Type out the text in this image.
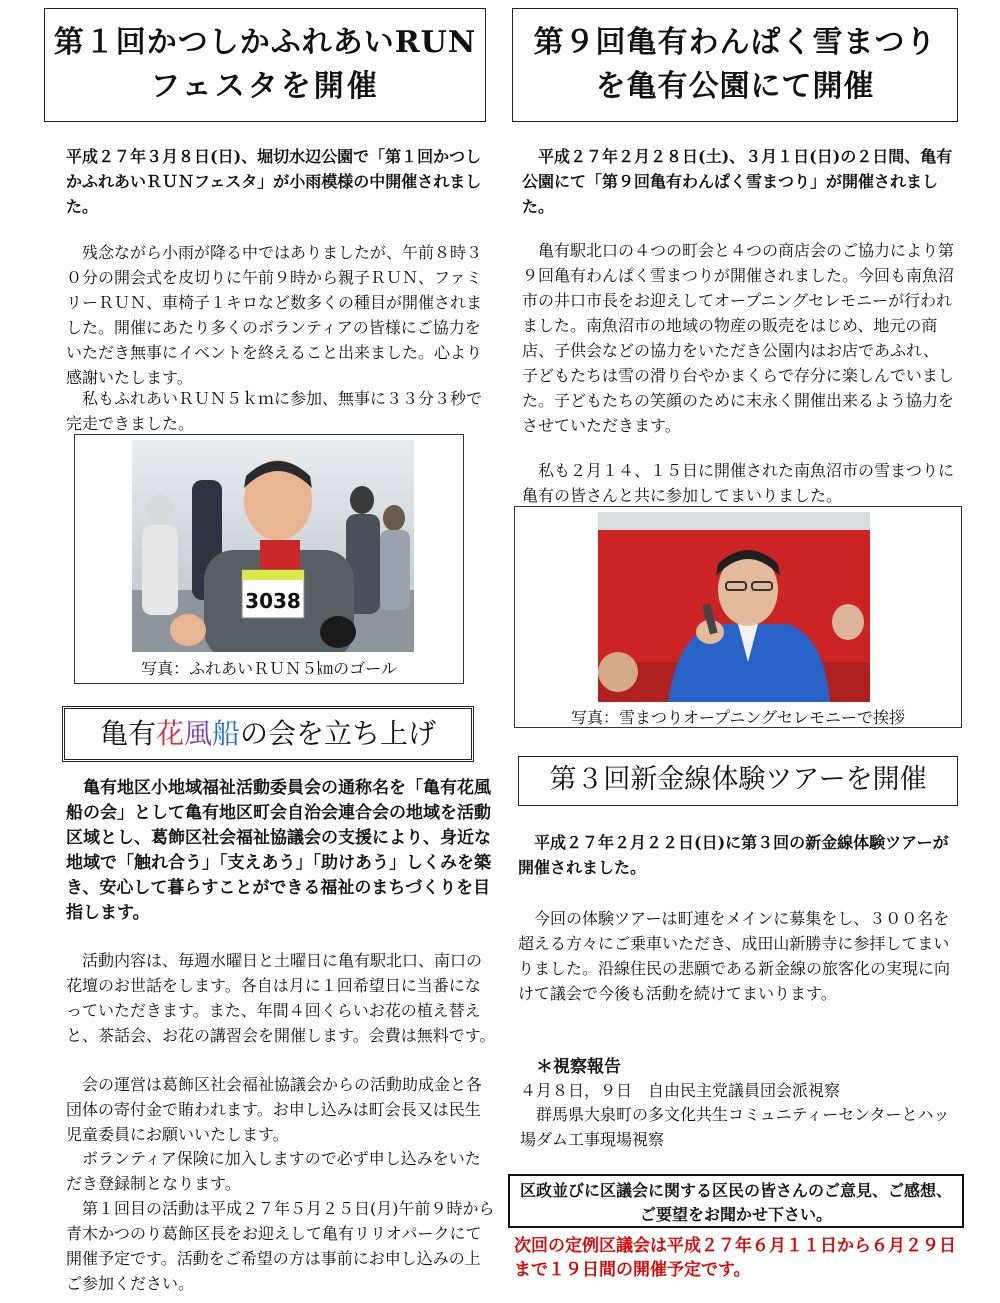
第１回かつしかふれあいRUN
フェスタを開催

平成２７年３月８日(日)、堀切水辺公園で「第１回かつしかふれあいＲＵＮフェスタ」が小雨模様の中開催されました。

残念ながら小雨が降る中ではありましたが、午前８時３０分の開会式を皮切りに午前９時から親子ＲＵＮ、ファミリーＲＵＮ、車椅子１キロなど数多くの種目が開催されました。開催にあたり多くのボランティアの皆様にご協力をいただき無事にイベントを終えること出来ました。心より感謝いたします。

私もふれあいＲＵＮ５ｋｍに参加、無事に３３分３秒で完走できました。

3038
写真：ふれあいＲＵＮ５㎞のゴール
亀有花風船の会を立ち上げ

亀有地区小地域福祉活動委員会の通称名を「亀有花風船の会」として亀有地区町会自治会連合会の地域を活動区域とし、葛飾区社会福祉協議会の支援により、身近な地域で「触れ合う」「支えあう」「助けあう」しくみを築き、安心して暮らすことができる福祉のまちづくりを目指します。

活動内容は、毎週水曜日と土曜日に亀有駅北口、南口の花壇のお世話をします。各自は月に１回希望日に当番になっていただきます。また、年間４回くらいお花の植え替えと、茶話会、お花の講習会を開催します。会費は無料です。

会の運営は葛飾区社会福祉協議会からの活動助成金と各団体の寄付金で賄われます。お申し込みは町会長又は民生児童委員にお願いいたします。

ボランティア保険に加入しますので必ず申し込みをいただき登録制となります。

第１回目の活動は平成２７年５月２５日(月)午前９時から青木かつのり葛飾区長をお迎えして亀有リリオパークにて開催予定です。活動をご希望の方は事前にお申し込みの上ご参加ください。

第９回亀有わんぱく雪まつり
を亀有公園にて開催

平成２７年２月２８日(土)、３月１日(日)の２日間、亀有公園にて「第９回亀有わんぱく雪まつり」が開催されました。

亀有駅北口の４つの町会と４つの商店会のご協力により第９回亀有わんぱく雪まつりが開催されました。今回も南魚沼市の井口市長をお迎えしてオープニングセレモニーが行われました。南魚沼市の地域の物産の販売をはじめ、地元の商店、子供会などの協力をいただき公園内はお店であふれ、子どもたちは雪の滑り台やかまくらで存分に楽しんでいました。子どもたちの笑顔のために末永く開催出来るよう協力をさせていただきます。

私も２月１４、１５日に開催された南魚沼市の雪まつりに亀有の皆さんと共に参加してまいりました。

写真：雪まつりオープニングセレモニーで挨拶
第３回新金線体験ツアーを開催

平成２７年２月２２日(日)に第３回の新金線体験ツアーが開催されました。

今回の体験ツアーは町連をメインに募集をし、３００名を超える方々にご乗車いただき、成田山新勝寺に参拝してまいりました。沿線住民の悲願である新金線の旅客化の実現に向けて議会で今後も活動を続けてまいります。

＊視察報告
４月８日，９日　自由民主党議員団会派視察

群馬県大泉町の多文化共生コミュニティーセンターとハッ場ダム工事現場視察

区政並びに区議会に関する区民の皆さんのご意見、ご感想、ご要望をお聞かせ下さい。

次回の定例区議会は平成２７年６月１１日から６月２９日まで１９日間の開催予定です。
